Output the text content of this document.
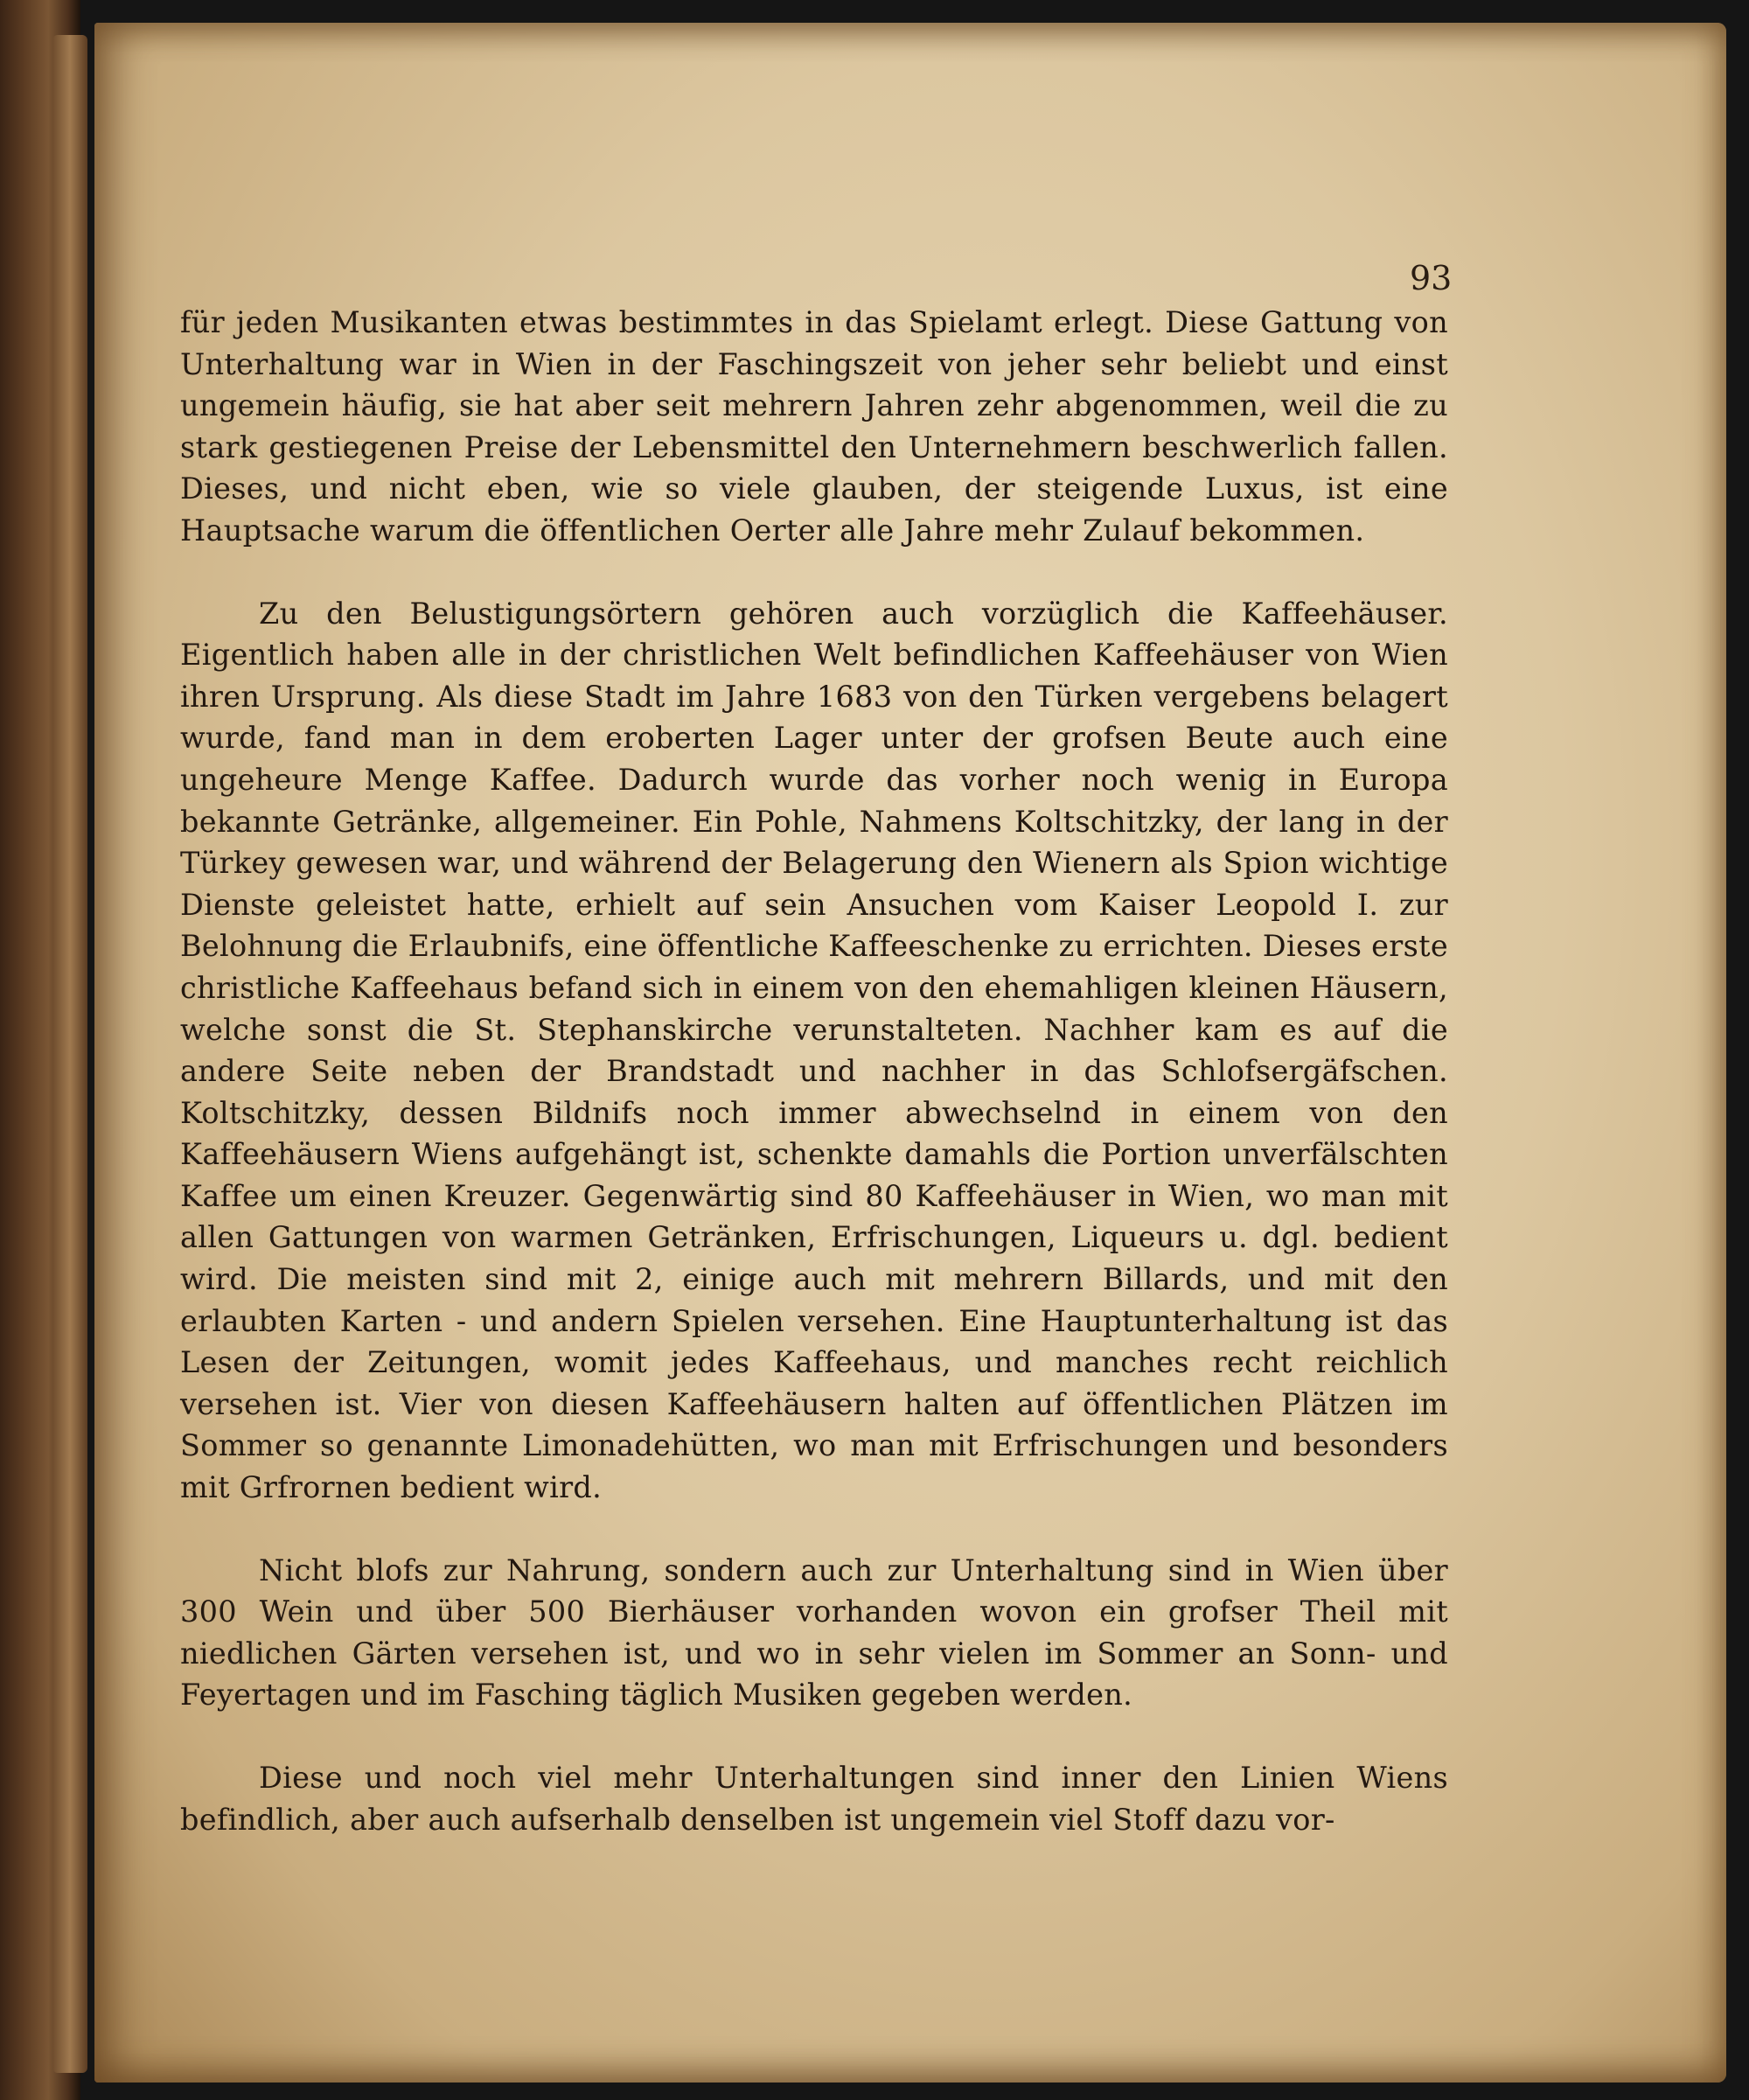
93

für jeden Musikanten etwas bestimmtes in das Spielamt erlegt. Diese Gattung von Unterhaltung war in Wien in der Faschingszeit von jeher sehr beliebt und einst ungemein häufig, sie hat aber seit mehrern Jahren zehr abgenommen, weil die zu stark gestiegenen Preise der Lebensmittel den Unternehmern beschwerlich fallen. Dieses, und nicht eben, wie so viele glauben, der steigende Luxus, ist eine Hauptsache warum die öffentlichen Oerter alle Jahre mehr Zulauf bekommen.

Zu den Belustigungsörtern gehören auch vorzüglich die Kaffeehäuser. Eigentlich haben alle in der christlichen Welt befindlichen Kaffeehäuser von Wien ihren Ursprung. Als diese Stadt im Jahre 1683 von den Türken vergebens belagert wurde, fand man in dem eroberten Lager unter der grofsen Beute auch eine ungeheure Menge Kaffee. Dadurch wurde das vorher noch wenig in Europa bekannte Getränke, allgemeiner. Ein Pohle, Nahmens Koltschitzky, der lang in der Türkey gewesen war, und während der Belagerung den Wienern als Spion wichtige Dienste geleistet hatte, erhielt auf sein Ansuchen vom Kaiser Leopold I. zur Belohnung die Erlaubnifs, eine öffentliche Kaffeeschenke zu errichten. Dieses erste christliche Kaffeehaus befand sich in einem von den ehemahligen kleinen Häusern, welche sonst die St. Stephanskirche verunstalteten. Nachher kam es auf die andere Seite neben der Brandstadt und nachher in das Schlofsergäfschen. Koltschitzky, dessen Bildnifs noch immer abwechselnd in einem von den Kaffeehäusern Wiens aufgehängt ist, schenkte damahls die Portion unverfälschten Kaffee um einen Kreuzer. Gegenwärtig sind 80 Kaffeehäuser in Wien, wo man mit allen Gattungen von warmen Getränken, Erfrischungen, Liqueurs u. dgl. bedient wird. Die meisten sind mit 2, einige auch mit mehrern Billards, und mit den erlaubten Karten - und andern Spielen versehen. Eine Hauptunterhaltung ist das Lesen der Zeitungen, womit jedes Kaffeehaus, und manches recht reichlich versehen ist. Vier von diesen Kaffeehäusern halten auf öffentlichen Plätzen im Sommer so genannte Limonadehütten, wo man mit Erfrischungen und besonders mit Grfrornen bedient wird.

Nicht blofs zur Nahrung, sondern auch zur Unterhaltung sind in Wien über 300 Wein und über 500 Bierhäuser vorhanden wovon ein grofser Theil mit niedlichen Gärten versehen ist, und wo in sehr vielen im Sommer an Sonn- und Feyertagen und im Fasching täglich Musiken gegeben werden.

Diese und noch viel mehr Unterhaltungen sind inner den Linien Wiens befindlich, aber auch aufserhalb denselben ist ungemein viel Stoff dazu vor-
